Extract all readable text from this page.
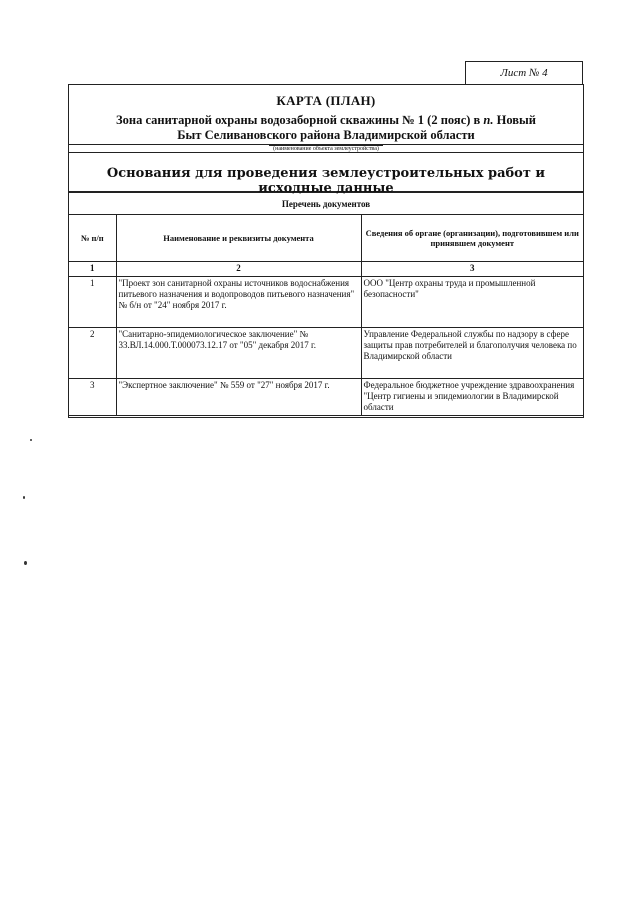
Лист № 4
КАРТА (ПЛАН)
Зона санитарной охраны водозаборной скважины № 1 (2 пояс) в п. Новый
Быт Селивановского района Владимирской области
(наименование объекта землеустройства)
Основания для проведения землеустроительных работ и исходные данные
Перечень документов
№ п/п	Наименование и реквизиты документа	Сведения об органе (организации), подготовившем или принявшем документ
1	2	3
1	"Проект зон санитарной охраны источников водоснабжения питьевого назначения и водопроводов питьевого назначения" № б/н от "24" ноября 2017 г.	ООО "Центр охраны труда и промышленной безопасности"
2	"Санитарно-эпидемиологическое заключение" № 33.ВЛ.14.000.Т.000073.12.17 от "05" декабря 2017 г.	Управление Федеральной службы по надзору в сфере защиты прав потребителей и благополучия человека по Владимирской области
3	"Экспертное заключение" № 559 от "27" ноября 2017 г.	Федеральное бюджетное учреждение здравоохранения "Центр гигиены и эпидемиологии в Владимирской области
